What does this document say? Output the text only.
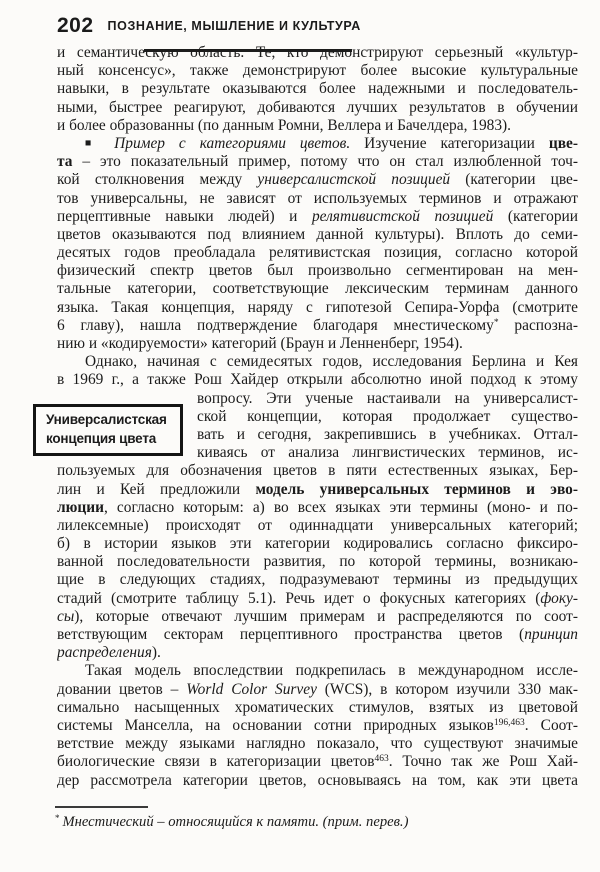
202 ПОЗНАНИЕ, МЫШЛЕНИЕ И КУЛЬТУРА
и семантическую область. Те, кто демонстрируют серьезный «культур-
ный консенсус», также демонстрируют более высокие культуральные
навыки, в результате оказываются более надежными и последователь-
ными, быстрее реагируют, добиваются лучших результатов в обучении
и более образованны (по данным Ромни, Веллера и Бачелдера, 1983).
■ Пример с категориями цветов. Изучение категоризации цве-
та – это показательный пример, потому что он стал излюбленной точ-
кой столкновения между универсалистской позицией (категории цве-
тов универсальны, не зависят от используемых терминов и отражают
перцептивные навыки людей) и релятивистской позицией (категории
цветов оказываются под влиянием данной культуры). Вплоть до семи-
десятых годов преобладала релятивистская позиция, согласно которой
физический спектр цветов был произвольно сегментирован на мен-
тальные категории, соответствующие лексическим терминам данного
языка. Такая концепция, наряду с гипотезой Сепира-Уорфа (смотрите
6 главу), нашла подтверждение благодаря мнестическому* распозна-
нию и «кодируемости» категорий (Браун и Ленненберг, 1954).
Однако, начиная с семидесятых годов, исследования Берлина и Кея
в 1969 г., а также Рош Хайдер открыли абсолютно иной подход к этому
вопросу. Эти ученые настаивали на универсалист-
ской концепции, которая продолжает существо-
вать и сегодня, закрепившись в учебниках. Оттал-
киваясь от анализа лингвистических терминов, ис-
пользуемых для обозначения цветов в пяти естественных языках, Бер-
лин и Кей предложили модель универсальных терминов и эво-
люции, согласно которым: а) во всех языках эти термины (моно- и по-
лилексемные) происходят от одиннадцати универсальных категорий;
б) в истории языков эти категории кодировались согласно фиксиро-
ванной последовательности развития, по которой термины, возникаю-
щие в следующих стадиях, подразумевают термины из предыдущих
стадий (смотрите таблицу 5.1). Речь идет о фокусных категориях (фоку-
сы), которые отвечают лучшим примерам и распределяются по соот-
ветствующим секторам перцептивного пространства цветов (принцип
распределения).
Такая модель впоследствии подкрепилась в международном иссле-
довании цветов – World Color Survey (WCS), в котором изучили 330 мак-
симально насыщенных хроматических стимулов, взятых из цветовой
системы Манселла, на основании сотни природных языков$^{196,463}$. Соот-
ветствие между языками наглядно показало, что существуют значимые
биологические связи в категоризации цветов$^{463}$. Точно так же Рош Хай-
дер рассмотрела категории цветов, основываясь на том, как эти цвета
Универсалистская
концепция цвета
* Мнестический – относящийся к памяти. (прим. перев.)
